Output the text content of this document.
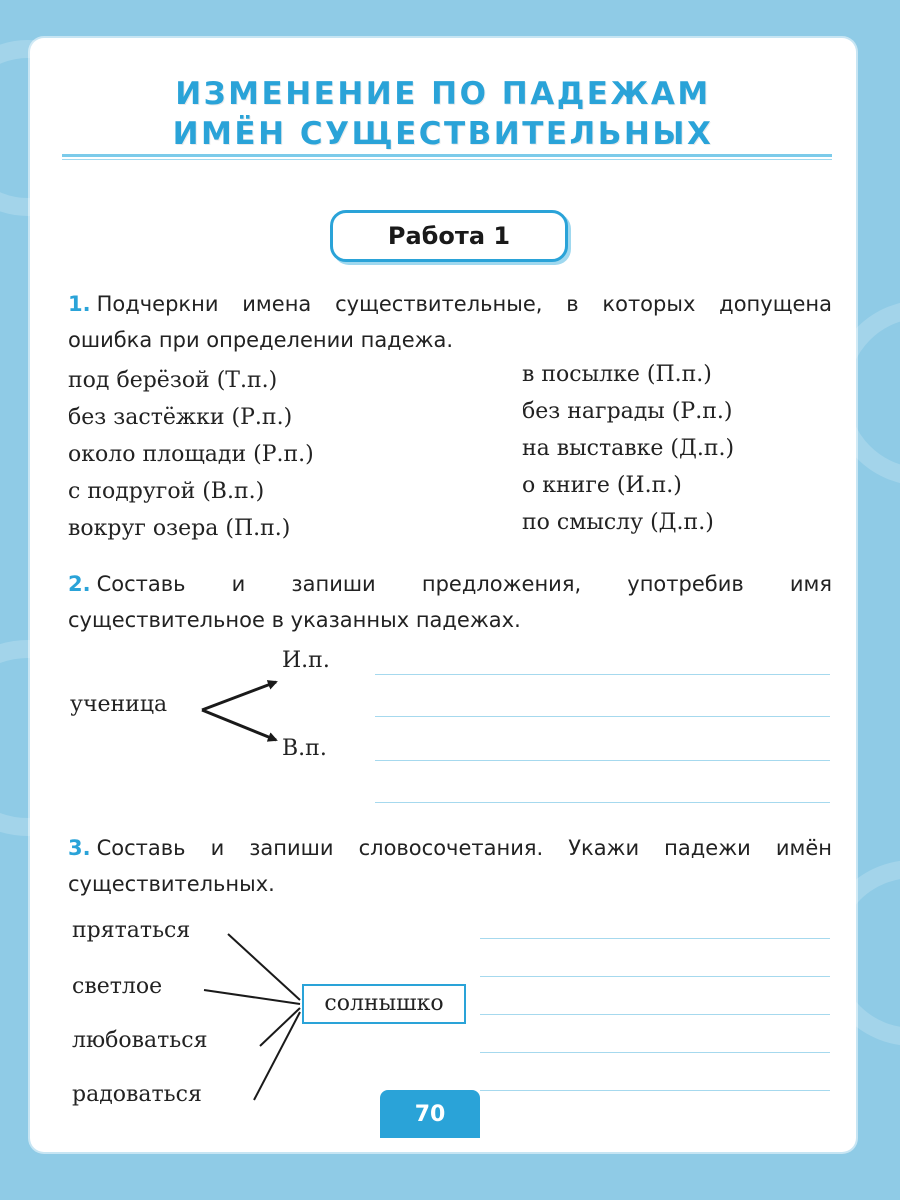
ИЗМЕНЕНИЕ ПО ПАДЕЖАМ
ИМЁН СУЩЕСТВИТЕЛЬНЫХ
Работа 1
1. Подчеркни имена существительные, в которых допущена ошибка при определении падежа.
под берёзой (Т.п.)
без застёжки (Р.п.)
около площади (Р.п.)
с подругой (В.п.)
вокруг озера (П.п.)
в посылке (П.п.)
без награды (Р.п.)
на выставке (Д.п.)
о книге (И.п.)
по смыслу (Д.п.)
2. Составь и запиши предложения, употребив имя существительное в указанных падежах.
И.п.
ученица
В.п.
3. Составь и запиши словосочетания. Укажи падежи имён существительных.
прятаться
светлое
любоваться
радоваться
солнышко
70
